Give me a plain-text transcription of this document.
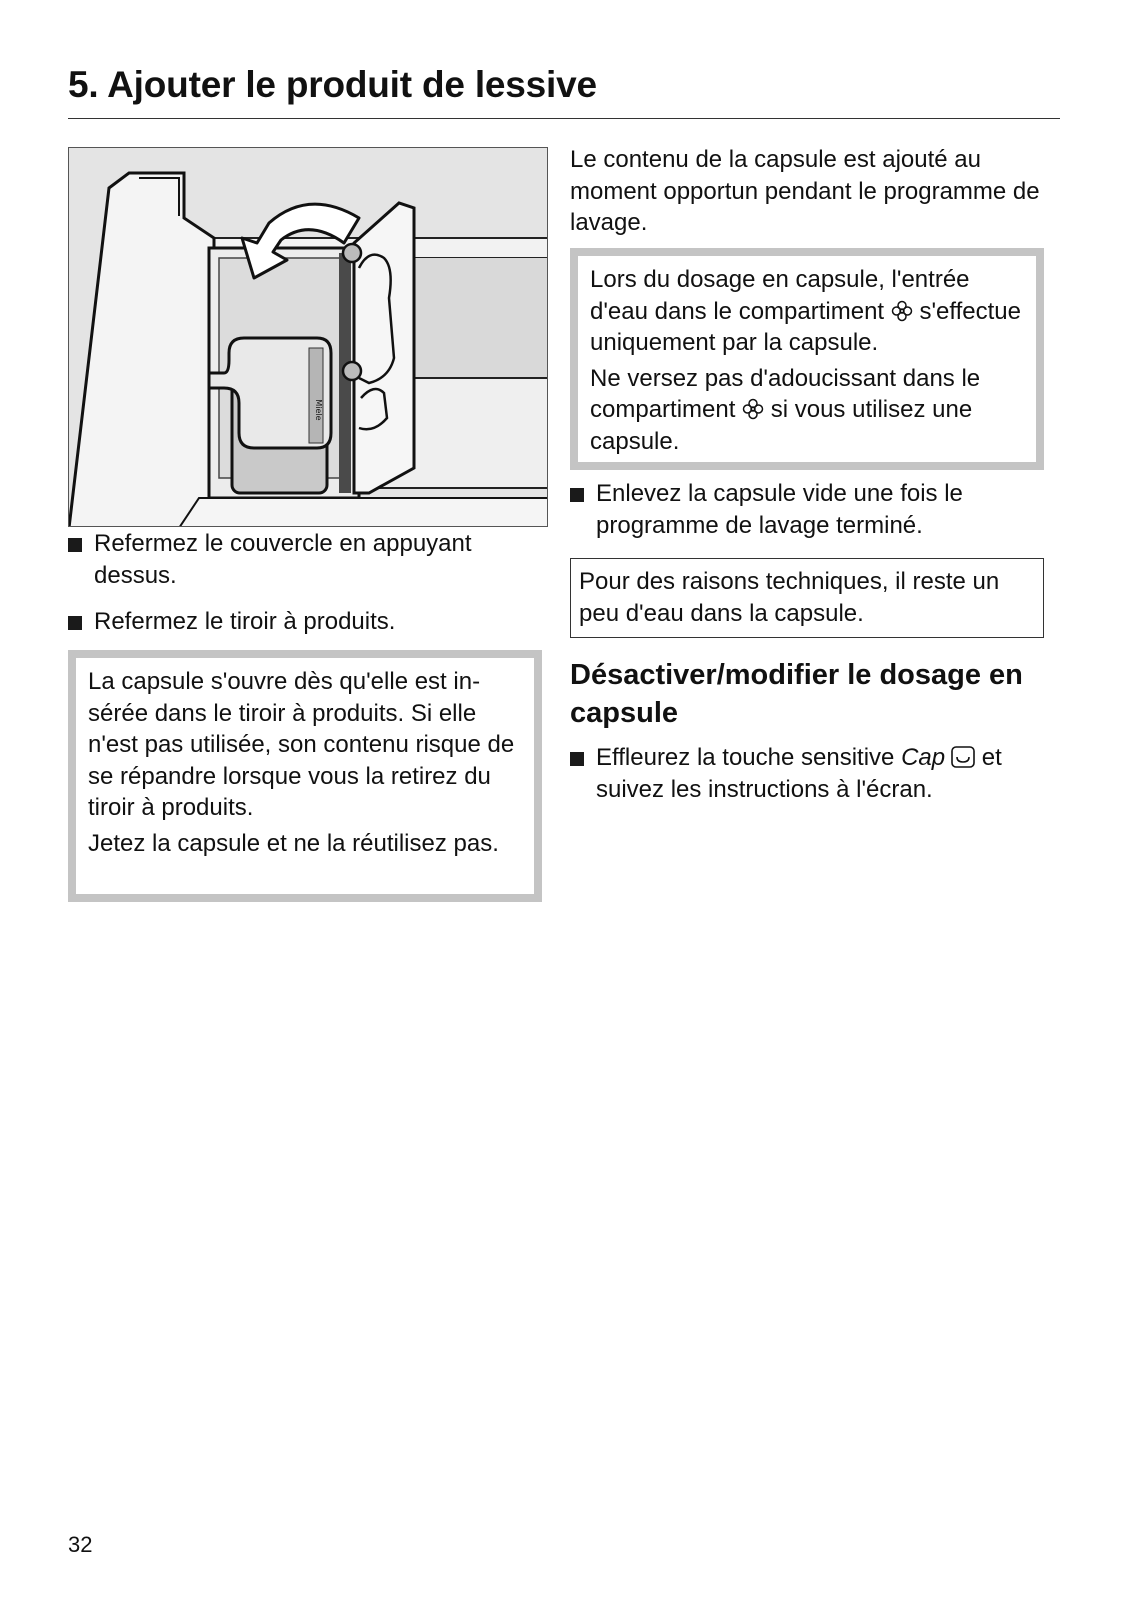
5. Ajouter le produit de lessive
Miele

Refermez le couvercle en appuyant dessus.

Refermez le tiroir à produits.

La capsule s'ouvre dès qu'elle est insérée dans le tiroir à produits. Si elle n'est pas utilisée, son contenu risque de se répandre lorsque vous la retirez du tiroir à produits.

Jetez la capsule et ne la réutilisez pas.

Le contenu de la capsule est ajouté au moment opportun pendant le programme de lavage.

Lors du dosage en capsule, l'entrée d'eau dans le compartiment s'effectue uniquement par la capsule.

Ne versez pas d'adoucissant dans le compartiment si vous utilisez une capsule.

Enlevez la capsule vide une fois le programme de lavage terminé.

Pour des raisons techniques, il reste un peu d'eau dans la capsule.
Désactiver/modifier le dosage en capsule

Effleurez la touche sensitive Cap et suivez les instructions à l'écran.

32
